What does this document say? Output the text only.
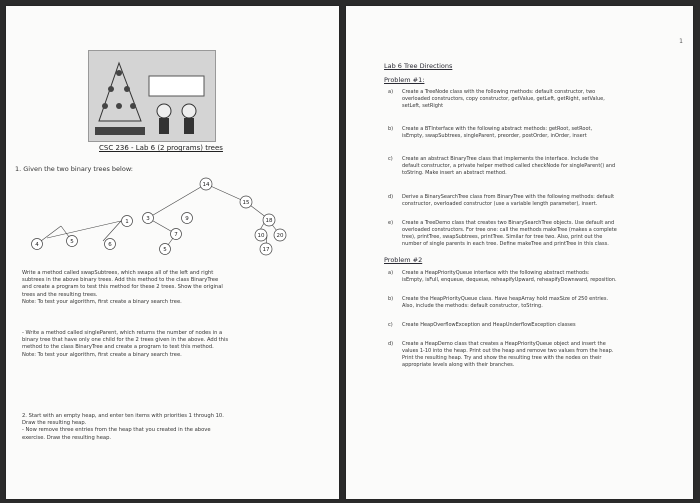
CSC 236 - Lab 6 (2 programs) trees
1. Given the two binary trees below:
4
1
5
3
6
9
7
14
15
18
10 20
17
5

Write a method called swapSubtrees, which swaps all of the left and right
subtrees in the above binary trees. Add this method to the class BinaryTree
and create a program to test this method for these 2 trees. Show the original
trees and the resulting trees.
Note: To test your algorithm, first create a binary search tree.

- Write a method called singleParent, which returns the number of nodes in a
binary tree that have only one child for the 2 trees given in the above. Add this
method to the class BinaryTree and create a program to test this method.
Note: To test your algorithm, first create a binary search tree.

2. Start with an empty heap, and enter ten items with priorities 1 through 10.
Draw the resulting heap.
- Now remove three entries from the heap that you created in the above
exercise. Draw the resulting heap.

1
Lab 6 Tree Directions
Problem #1:

a) Create a TreeNode class with the following methods: default constructor, two
overloaded constructors, copy constructor, getValue, getLeft, getRight, setValue,
setLeft, setRight

b) Create a BTInterface with the following abstract methods: getRoot, setRoot,
isEmpty, swapSubtrees, singleParent, preorder, postOrder, inOrder, insert

c) Create an abstract BinaryTree class that implements the interface. Include the
default constructor, a private helper method called checkNode for singleParent() and
toString. Make insert an abstract method.

d) Derive a BinarySearchTree class from BinaryTree with the following methods: default
constructor, overloaded constructor (use a variable length parameter), insert.

e) Create a TreeDemo class that creates two BinarySearchTree objects. Use default and
overloaded constructors. For tree one: call the methods makeTree (makes a complete
tree), printTree, swapSubtrees, printTree. Similar for tree two. Also, print out the
number of single parents in each tree. Define makeTree and printTree in this class.

Problem #2

a) Create a HeapPriorityQueue interface with the following abstract methods:
isEmpty, isFull, enqueue, dequeue, reheapifyUpward, reheapifyDownward, reposition.

b) Create the HeapPriorityQueue class. Have heapArray hold maxSize of 250 entries.
Also, include the methods: default constructor, toString.

c) Create HeapOverflowException and HeapUnderflowException classes

d) Create a HeapDemo class that creates a HeapPriorityQueue object and insert the
values 1-10 into the heap. Print out the heap and remove two values from the heap.
Print the resulting heap. Try and show the resulting tree with the nodes on their
appropriate levels along with their branches.
